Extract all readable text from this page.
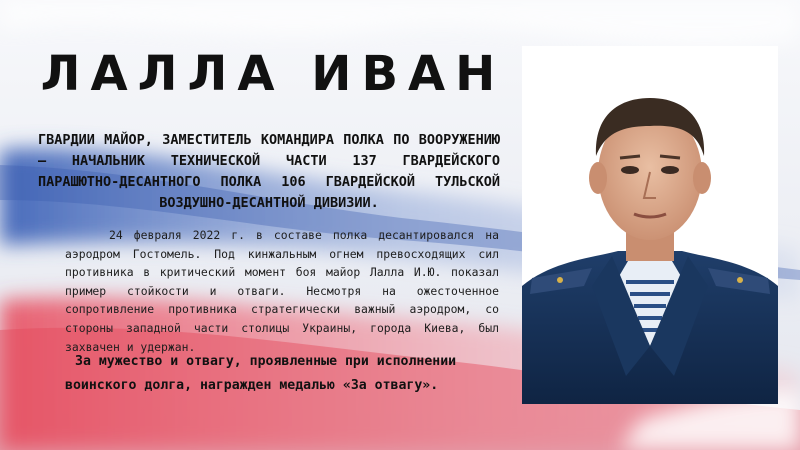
ЛАЛЛА ИВАН

ГВАРДИИ МАЙОР, ЗАМЕСТИТЕЛЬ КОМАНДИРА ПОЛКА ПО ВООРУЖЕНИЮ – НАЧАЛЬНИК ТЕХНИЧЕСКОЙ ЧАСТИ 137 ГВАРДЕЙСКОГО ПАРАШЮТНО-ДЕСАНТНОГО ПОЛКА 106 ГВАРДЕЙСКОЙ ТУЛЬСКОЙ ВОЗДУШНО-ДЕСАНТНОЙ ДИВИЗИИ.

24 февраля 2022 г. в составе полка десантировался на аэродром Гостомель. Под кинжальным огнем превосходящих сил противника в критический момент боя майор Лалла И.Ю. показал пример стойкости и отваги. Несмотря на ожесточенное сопротивление противника стратегически важный аэродром, со стороны западной части столицы Украины, города Киева, был захвачен и удержан.

За мужество и отвагу, проявленные при исполнении воинского долга, награжден медалью «За отвагу».
